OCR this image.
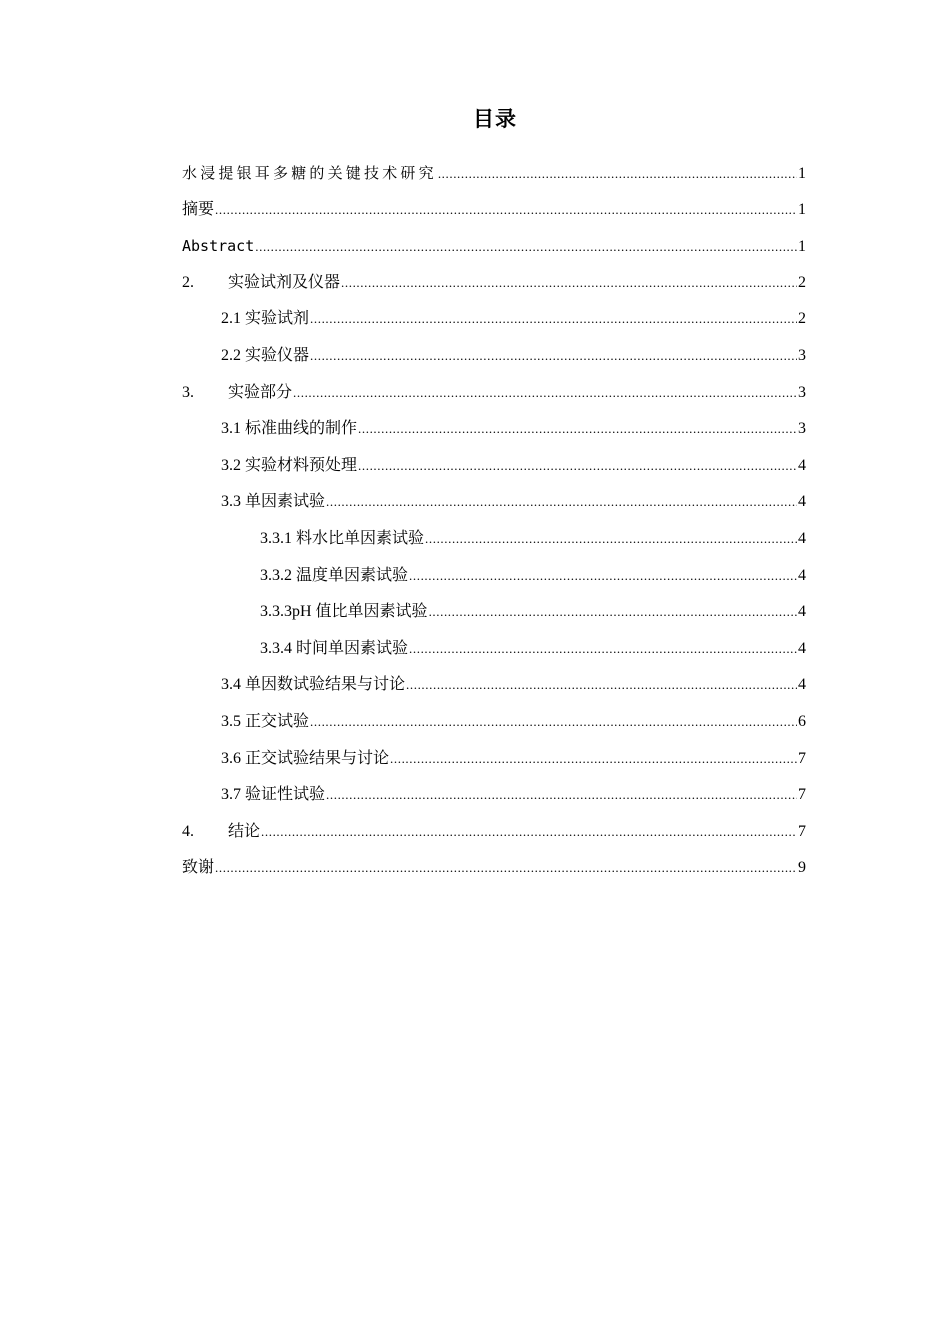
目录
水浸提银耳多糖的关键技术研究 .....	1
摘要 .....	1
Abstract .....	1
2.	实验试剂及仪器 .....	2
2.1 实验试剂 .....	2
2.2 实验仪器 .....	3
3.	实验部分 .....	3
3.1 标准曲线的制作 .....	3
3.2 实验材料预处理 .....	4
3.3 单因素试验 .....	4
3.3.1 料水比单因素试验 .....	4
3.3.2 温度单因素试验 .....	4
3.3.3pH 值比单因素试验 .....	4
3.3.4 时间单因素试验 .....	4
3.4 单因数试验结果与讨论 .....	4
3.5 正交试验 .....	6
3.6 正交试验结果与讨论 .....	7
3.7 验证性试验 .....	7
4.	结论 .....	7
致谢 .....	9
